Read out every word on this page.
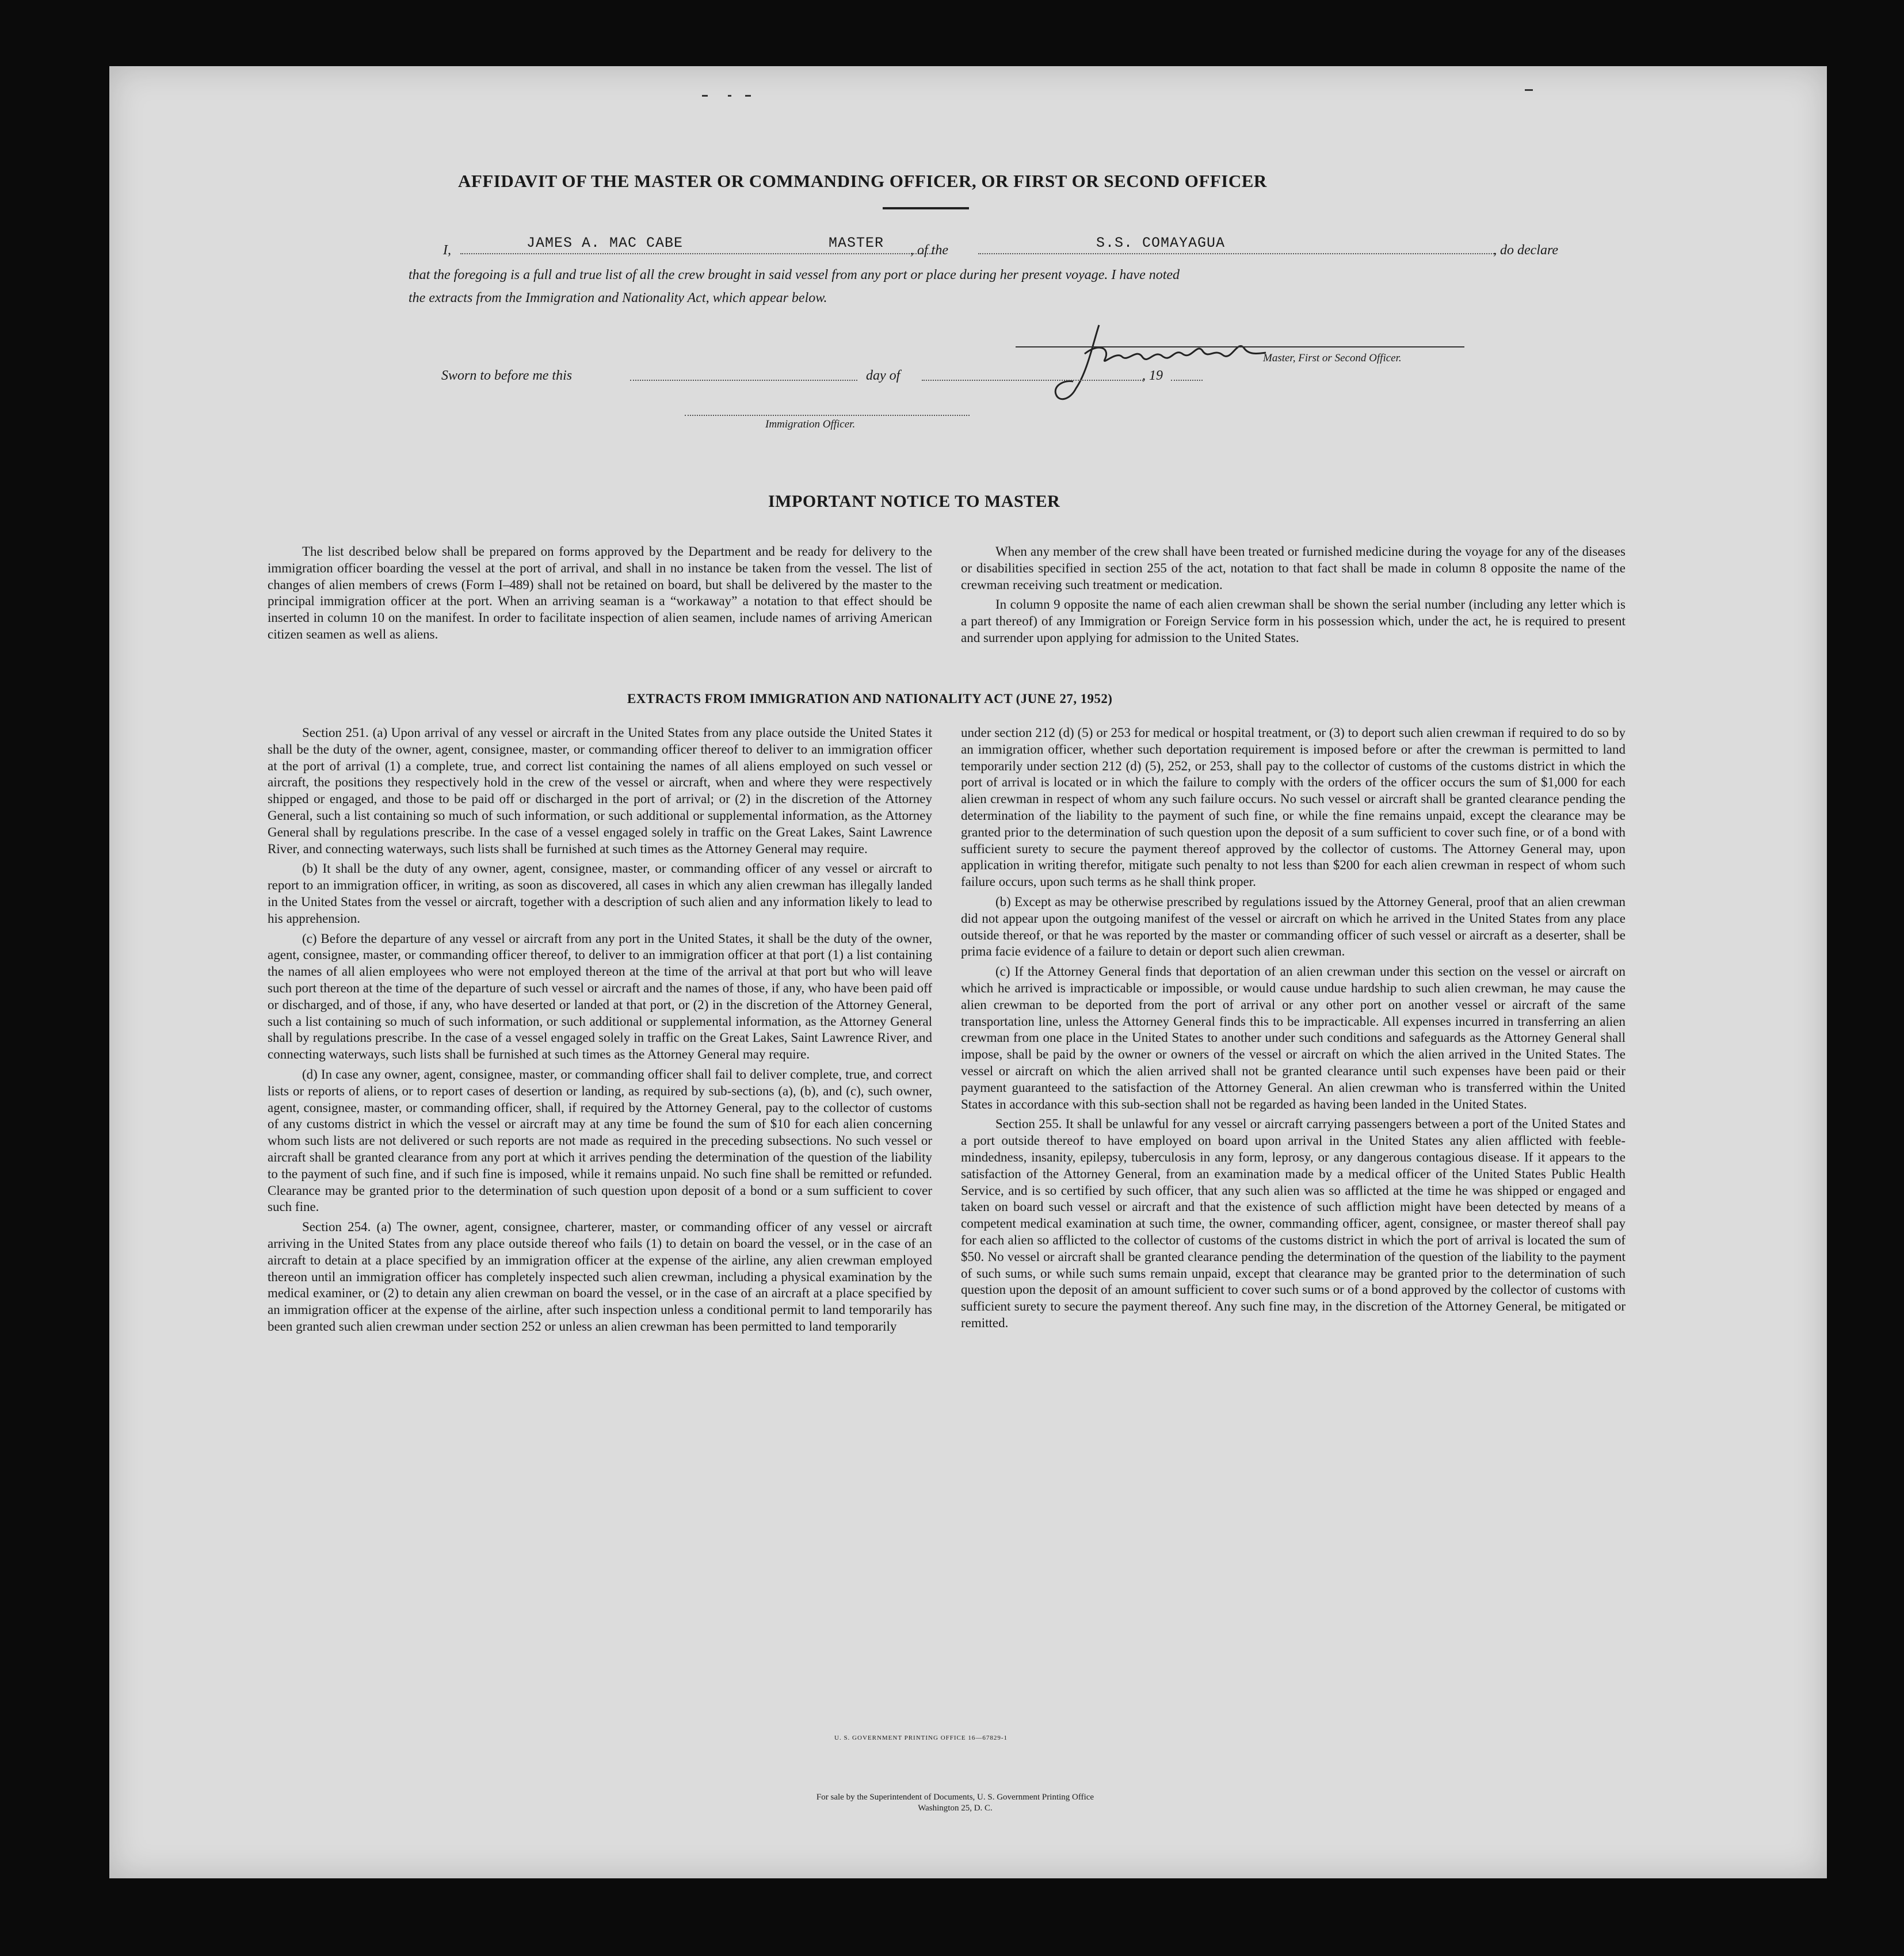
AFFIDAVIT OF THE MASTER OR COMMANDING OFFICER, OR FIRST OR SECOND OFFICER
I,	JAMES A. MAC CABE	MASTER , of the	S.S. COMAYAGUA	, do declare
that the foregoing is a full and true list of all the crew brought in said vessel from any port or place during her present voyage. I have noted
the extracts from the Immigration and Nationality Act, which appear below.
Master, First or Second Officer.
Sworn to before me this	day of	, 19
Immigration Officer.
IMPORTANT NOTICE TO MASTER

The list described below shall be prepared on forms approved by the Department and be ready for delivery to the immigration officer boarding the vessel at the port of arrival, and shall in no instance be taken from the vessel. The list of changes of alien members of crews (Form I–489) shall not be retained on board, but shall be delivered by the master to the principal immigration officer at the port. When an arriving seaman is a “workaway” a notation to that effect should be inserted in column 10 on the manifest. In order to facilitate inspection of alien seamen, include names of arriving American citizen seamen as well as aliens.

When any member of the crew shall have been treated or furnished medicine during the voyage for any of the diseases or disabilities specified in section 255 of the act, notation to that fact shall be made in column 8 opposite the name of the crewman receiving such treatment or medication.

In column 9 opposite the name of each alien crewman shall be shown the serial number (including any letter which is a part thereof) of any Immigration or Foreign Service form in his possession which, under the act, he is required to present and surrender upon applying for admission to the United States.

EXTRACTS FROM IMMIGRATION AND NATIONALITY ACT (JUNE 27, 1952)

Section 251. (a) Upon arrival of any vessel or aircraft in the United States from any place outside the United States it shall be the duty of the owner, agent, consignee, master, or commanding officer thereof to deliver to an immigration officer at the port of arrival (1) a complete, true, and correct list containing the names of all aliens employed on such vessel or aircraft, the positions they respectively hold in the crew of the vessel or aircraft, when and where they were respectively shipped or engaged, and those to be paid off or discharged in the port of arrival; or (2) in the discretion of the Attorney General, such a list containing so much of such information, or such additional or supplemental information, as the Attorney General shall by regulations prescribe. In the case of a vessel engaged solely in traffic on the Great Lakes, Saint Lawrence River, and connecting waterways, such lists shall be furnished at such times as the Attorney General may require.

(b) It shall be the duty of any owner, agent, consignee, master, or commanding officer of any vessel or aircraft to report to an immigration officer, in writing, as soon as discovered, all cases in which any alien crewman has illegally landed in the United States from the vessel or aircraft, together with a description of such alien and any information likely to lead to his apprehension.

(c) Before the departure of any vessel or aircraft from any port in the United States, it shall be the duty of the owner, agent, consignee, master, or commanding officer thereof, to deliver to an immigration officer at that port (1) a list containing the names of all alien employees who were not employed thereon at the time of the arrival at that port but who will leave such port thereon at the time of the departure of such vessel or aircraft and the names of those, if any, who have been paid off or discharged, and of those, if any, who have deserted or landed at that port, or (2) in the discretion of the Attorney General, such a list containing so much of such information, or such additional or supplemental information, as the Attorney General shall by regulations prescribe. In the case of a vessel engaged solely in traffic on the Great Lakes, Saint Lawrence River, and connecting waterways, such lists shall be furnished at such times as the Attorney General may require.

(d) In case any owner, agent, consignee, master, or commanding officer shall fail to deliver complete, true, and correct lists or reports of aliens, or to report cases of desertion or landing, as required by sub-sections (a), (b), and (c), such owner, agent, consignee, master, or commanding officer, shall, if required by the Attorney General, pay to the collector of customs of any customs district in which the vessel or aircraft may at any time be found the sum of $10 for each alien concerning whom such lists are not delivered or such reports are not made as required in the preceding subsections. No such vessel or aircraft shall be granted clearance from any port at which it arrives pending the determination of the question of the liability to the payment of such fine, and if such fine is imposed, while it remains unpaid. No such fine shall be remitted or refunded. Clearance may be granted prior to the determination of such question upon deposit of a bond or a sum sufficient to cover such fine.

Section 254. (a) The owner, agent, consignee, charterer, master, or commanding officer of any vessel or aircraft arriving in the United States from any place outside thereof who fails (1) to detain on board the vessel, or in the case of an aircraft to detain at a place specified by an immigration officer at the expense of the airline, any alien crewman employed thereon until an immigration officer has completely inspected such alien crewman, including a physical examination by the medical examiner, or (2) to detain any alien crewman on board the vessel, or in the case of an aircraft at a place specified by an immigration officer at the expense of the airline, after such inspection unless a conditional permit to land temporarily has been granted such alien crewman under section 252 or unless an alien crewman has been permitted to land temporarily

under section 212 (d) (5) or 253 for medical or hospital treatment, or (3) to deport such alien crewman if required to do so by an immigration officer, whether such deportation requirement is imposed before or after the crewman is permitted to land temporarily under section 212 (d) (5), 252, or 253, shall pay to the collector of customs of the customs district in which the port of arrival is located or in which the failure to comply with the orders of the officer occurs the sum of $1,000 for each alien crewman in respect of whom any such failure occurs. No such vessel or aircraft shall be granted clearance pending the determination of the liability to the payment of such fine, or while the fine remains unpaid, except the clearance may be granted prior to the determination of such question upon the deposit of a sum sufficient to cover such fine, or of a bond with sufficient surety to secure the payment thereof approved by the collector of customs. The Attorney General may, upon application in writing therefor, mitigate such penalty to not less than $200 for each alien crewman in respect of whom such failure occurs, upon such terms as he shall think proper.

(b) Except as may be otherwise prescribed by regulations issued by the Attorney General, proof that an alien crewman did not appear upon the outgoing manifest of the vessel or aircraft on which he arrived in the United States from any place outside thereof, or that he was reported by the master or commanding officer of such vessel or aircraft as a deserter, shall be prima facie evidence of a failure to detain or deport such alien crewman.

(c) If the Attorney General finds that deportation of an alien crewman under this section on the vessel or aircraft on which he arrived is impracticable or impossible, or would cause undue hardship to such alien crewman, he may cause the alien crewman to be deported from the port of arrival or any other port on another vessel or aircraft of the same transportation line, unless the Attorney General finds this to be impracticable. All expenses incurred in transferring an alien crewman from one place in the United States to another under such conditions and safeguards as the Attorney General shall impose, shall be paid by the owner or owners of the vessel or aircraft on which the alien arrived in the United States. The vessel or aircraft on which the alien arrived shall not be granted clearance until such expenses have been paid or their payment guaranteed to the satisfaction of the Attorney General. An alien crewman who is transferred within the United States in accordance with this sub-section shall not be regarded as having been landed in the United States.

Section 255. It shall be unlawful for any vessel or aircraft carrying passengers between a port of the United States and a port outside thereof to have employed on board upon arrival in the United States any alien afflicted with feeble-mindedness, insanity, epilepsy, tuberculosis in any form, leprosy, or any dangerous contagious disease. If it appears to the satisfaction of the Attorney General, from an examination made by a medical officer of the United States Public Health Service, and is so certified by such officer, that any such alien was so afflicted at the time he was shipped or engaged and taken on board such vessel or aircraft and that the existence of such affliction might have been detected by means of a competent medical examination at such time, the owner, commanding officer, agent, consignee, or master thereof shall pay for each alien so afflicted to the collector of customs of the customs district in which the port of arrival is located the sum of $50. No vessel or aircraft shall be granted clearance pending the determination of the question of the liability to the payment of such sums, or while such sums remain unpaid, except that clearance may be granted prior to the determination of such question upon the deposit of an amount sufficient to cover such sums or of a bond approved by the collector of customs with sufficient surety to secure the payment thereof. Any such fine may, in the discretion of the Attorney General, be mitigated or remitted.

U. S. GOVERNMENT PRINTING OFFICE 16—67829-1
For sale by the Superintendent of Documents, U. S. Government Printing Office
Washington 25, D. C.
